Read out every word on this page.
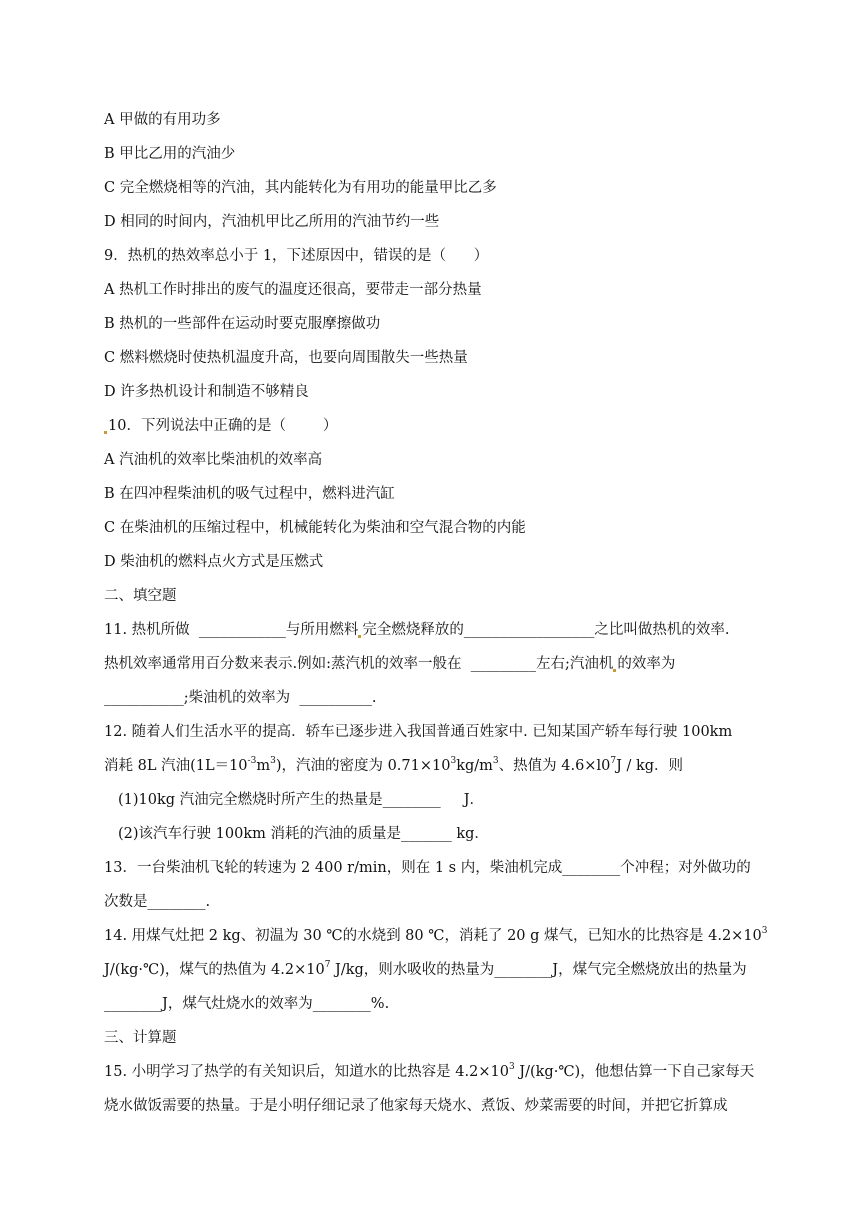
A 甲做的有用功多
B 甲比乙用的汽油少
C 完全燃烧相等的汽油，其内能转化为有用功的能量甲比乙多
D 相同的时间内，汽油机甲比乙所用的汽油节约一些
9．热机的热效率总小于 1，下述原因中，错误的是（      ）
A 热机工作时排出的废气的温度还很高，要带走一部分热量
B 热机的一些部件在运动时要克服摩擦做功
C 燃料燃烧时使热机温度升高，也要向周围散失一些热量
D 许多热机设计和制造不够精良
10．下列说法中正确的是（        ）
A 汽油机的效率比柴油机的效率高
B 在四冲程柴油机的吸气过程中，燃料进汽缸
C 在柴油机的压缩过程中，机械能转化为柴油和空气混合物的内能
D 柴油机的燃料点火方式是压燃式
二、填空题
11. 热机所做  ____________与所用燃料 完全燃烧释放的__________________之比叫做热机的效率.
热机效率通常用百分数来表示.例如:蒸汽机的效率一般在  _________左右;汽油机 的效率为
___________;柴油机的效率为  __________.
12. 随着人们生活水平的提高．轿车已逐步进入我国普通百姓家中. 已知某国产轿车每行驶 100km
消耗 8L 汽油$(1L=10^{-3}m^3)$，汽油的密度为 $0.71\times 10^3kg/m^3$、热值为 $4.6\times l0^7J$ / kg．则
(1)10kg 汽油完全燃烧时所产生的热量是________     J．
(2)该汽车行驶 100km 消耗的汽油的质量是_______ kg．
13．一台柴油机飞轮的转速为 2 400 r/min，则在 1 s 内，柴油机完成________个冲程；对外做功的
次数是________.
14. 用煤气灶把 2 kg、初温为 30 ℃的水烧到 80 ℃，消耗了 20 g 煤气，已知水的比热容是 $4.2\times 10^3$
J/(kg·℃)，煤气的热值为 $4.2\times 10^7$ J/kg，则水吸收的热量为________J，煤气完全燃烧放出的热量为
________J，煤气灶烧水的效率为________%.
三、计算题
15. 小明学习了热学的有关知识后，知道水的比热容是 $4.2\times 10^3$ J/(kg·℃)，他想估算一下自己家每天
烧水做饭需要的热量。于是小明仔细记录了他家每天烧水、煮饭、炒菜需要的时间，并把它折算成
